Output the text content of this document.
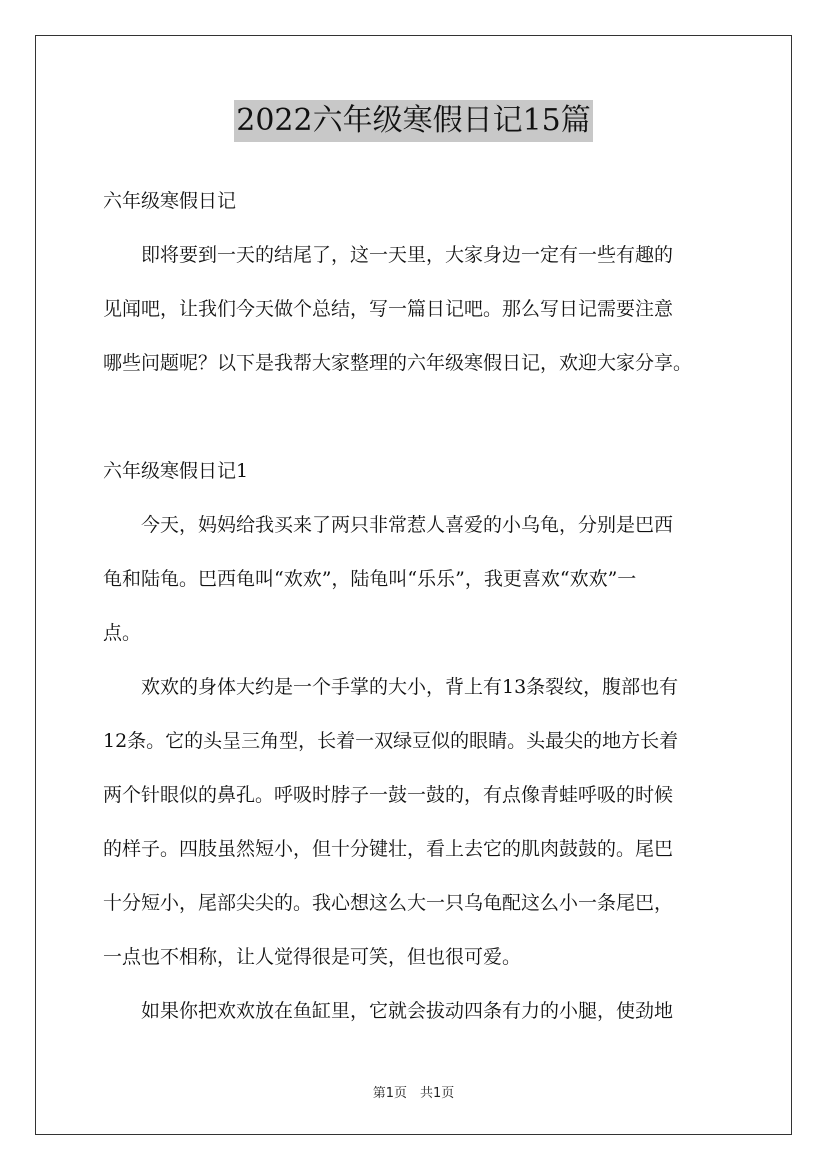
2022六年级寒假日记15篇

六年级寒假日记

　　即将要到一天的结尾了，这一天里，大家身边一定有一些有趣的

见闻吧，让我们今天做个总结，写一篇日记吧。那么写日记需要注意

哪些问题呢？以下是我帮大家整理的六年级寒假日记，欢迎大家分享。

六年级寒假日记1

　　今天，妈妈给我买来了两只非常惹人喜爱的小乌龟，分别是巴西

龟和陆龟。巴西龟叫“欢欢”，陆龟叫“乐乐”，我更喜欢“欢欢”一

点。

　　欢欢的身体大约是一个手掌的大小，背上有13条裂纹，腹部也有

12条。它的头呈三角型，长着一双绿豆似的眼睛。头最尖的地方长着

两个针眼似的鼻孔。呼吸时脖子一鼓一鼓的，有点像青蛙呼吸的时候

的样子。四肢虽然短小，但十分键壮，看上去它的肌肉鼓鼓的。尾巴

十分短小，尾部尖尖的。我心想这么大一只乌龟配这么小一条尾巴，

一点也不相称，让人觉得很是可笑，但也很可爱。

　　如果你把欢欢放在鱼缸里，它就会拔动四条有力的小腿，使劲地

第1页　共1页
